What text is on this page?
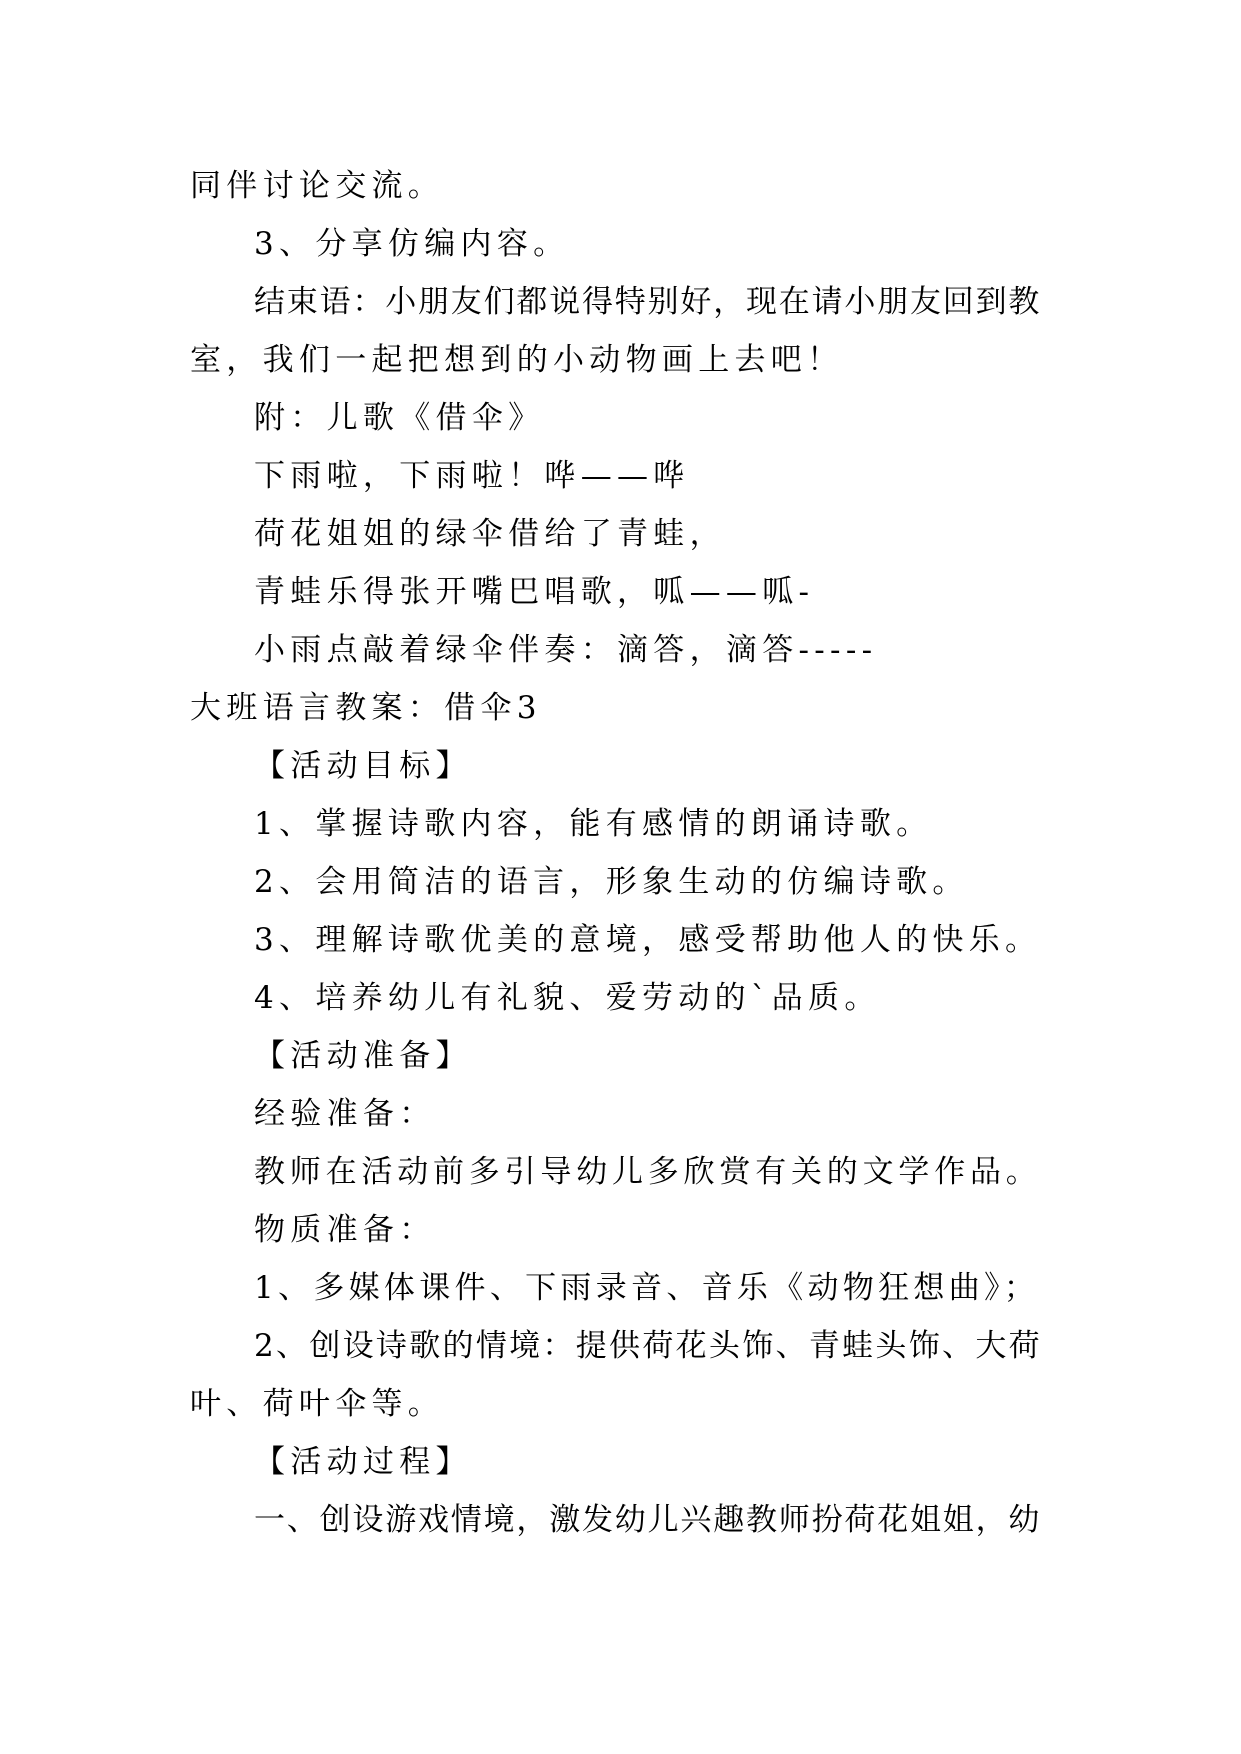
同伴讨论交流。
3、分享仿编内容。
结束语：小朋友们都说得特别好，现在请小朋友回到教
室，我们一起把想到的小动物画上去吧！
附：儿歌《借伞》
下雨啦，下雨啦！哗——哗
荷花姐姐的绿伞借给了青蛙，
青蛙乐得张开嘴巴唱歌，呱——呱-
小雨点敲着绿伞伴奏：滴答，滴答-----
大班语言教案：借伞3
【活动目标】
1、掌握诗歌内容，能有感情的朗诵诗歌。
2、会用简洁的语言，形象生动的仿编诗歌。
3、理解诗歌优美的意境，感受帮助他人的快乐。
4、培养幼儿有礼貌、爱劳动的`品质。
【活动准备】
经验准备：
教师在活动前多引导幼儿多欣赏有关的文学作品。
物质准备：
1、多媒体课件、下雨录音、音乐《动物狂想曲》；
2、创设诗歌的情境：提供荷花头饰、青蛙头饰、大荷
叶、荷叶伞等。
【活动过程】
一、创设游戏情境，激发幼儿兴趣教师扮荷花姐姐，幼
